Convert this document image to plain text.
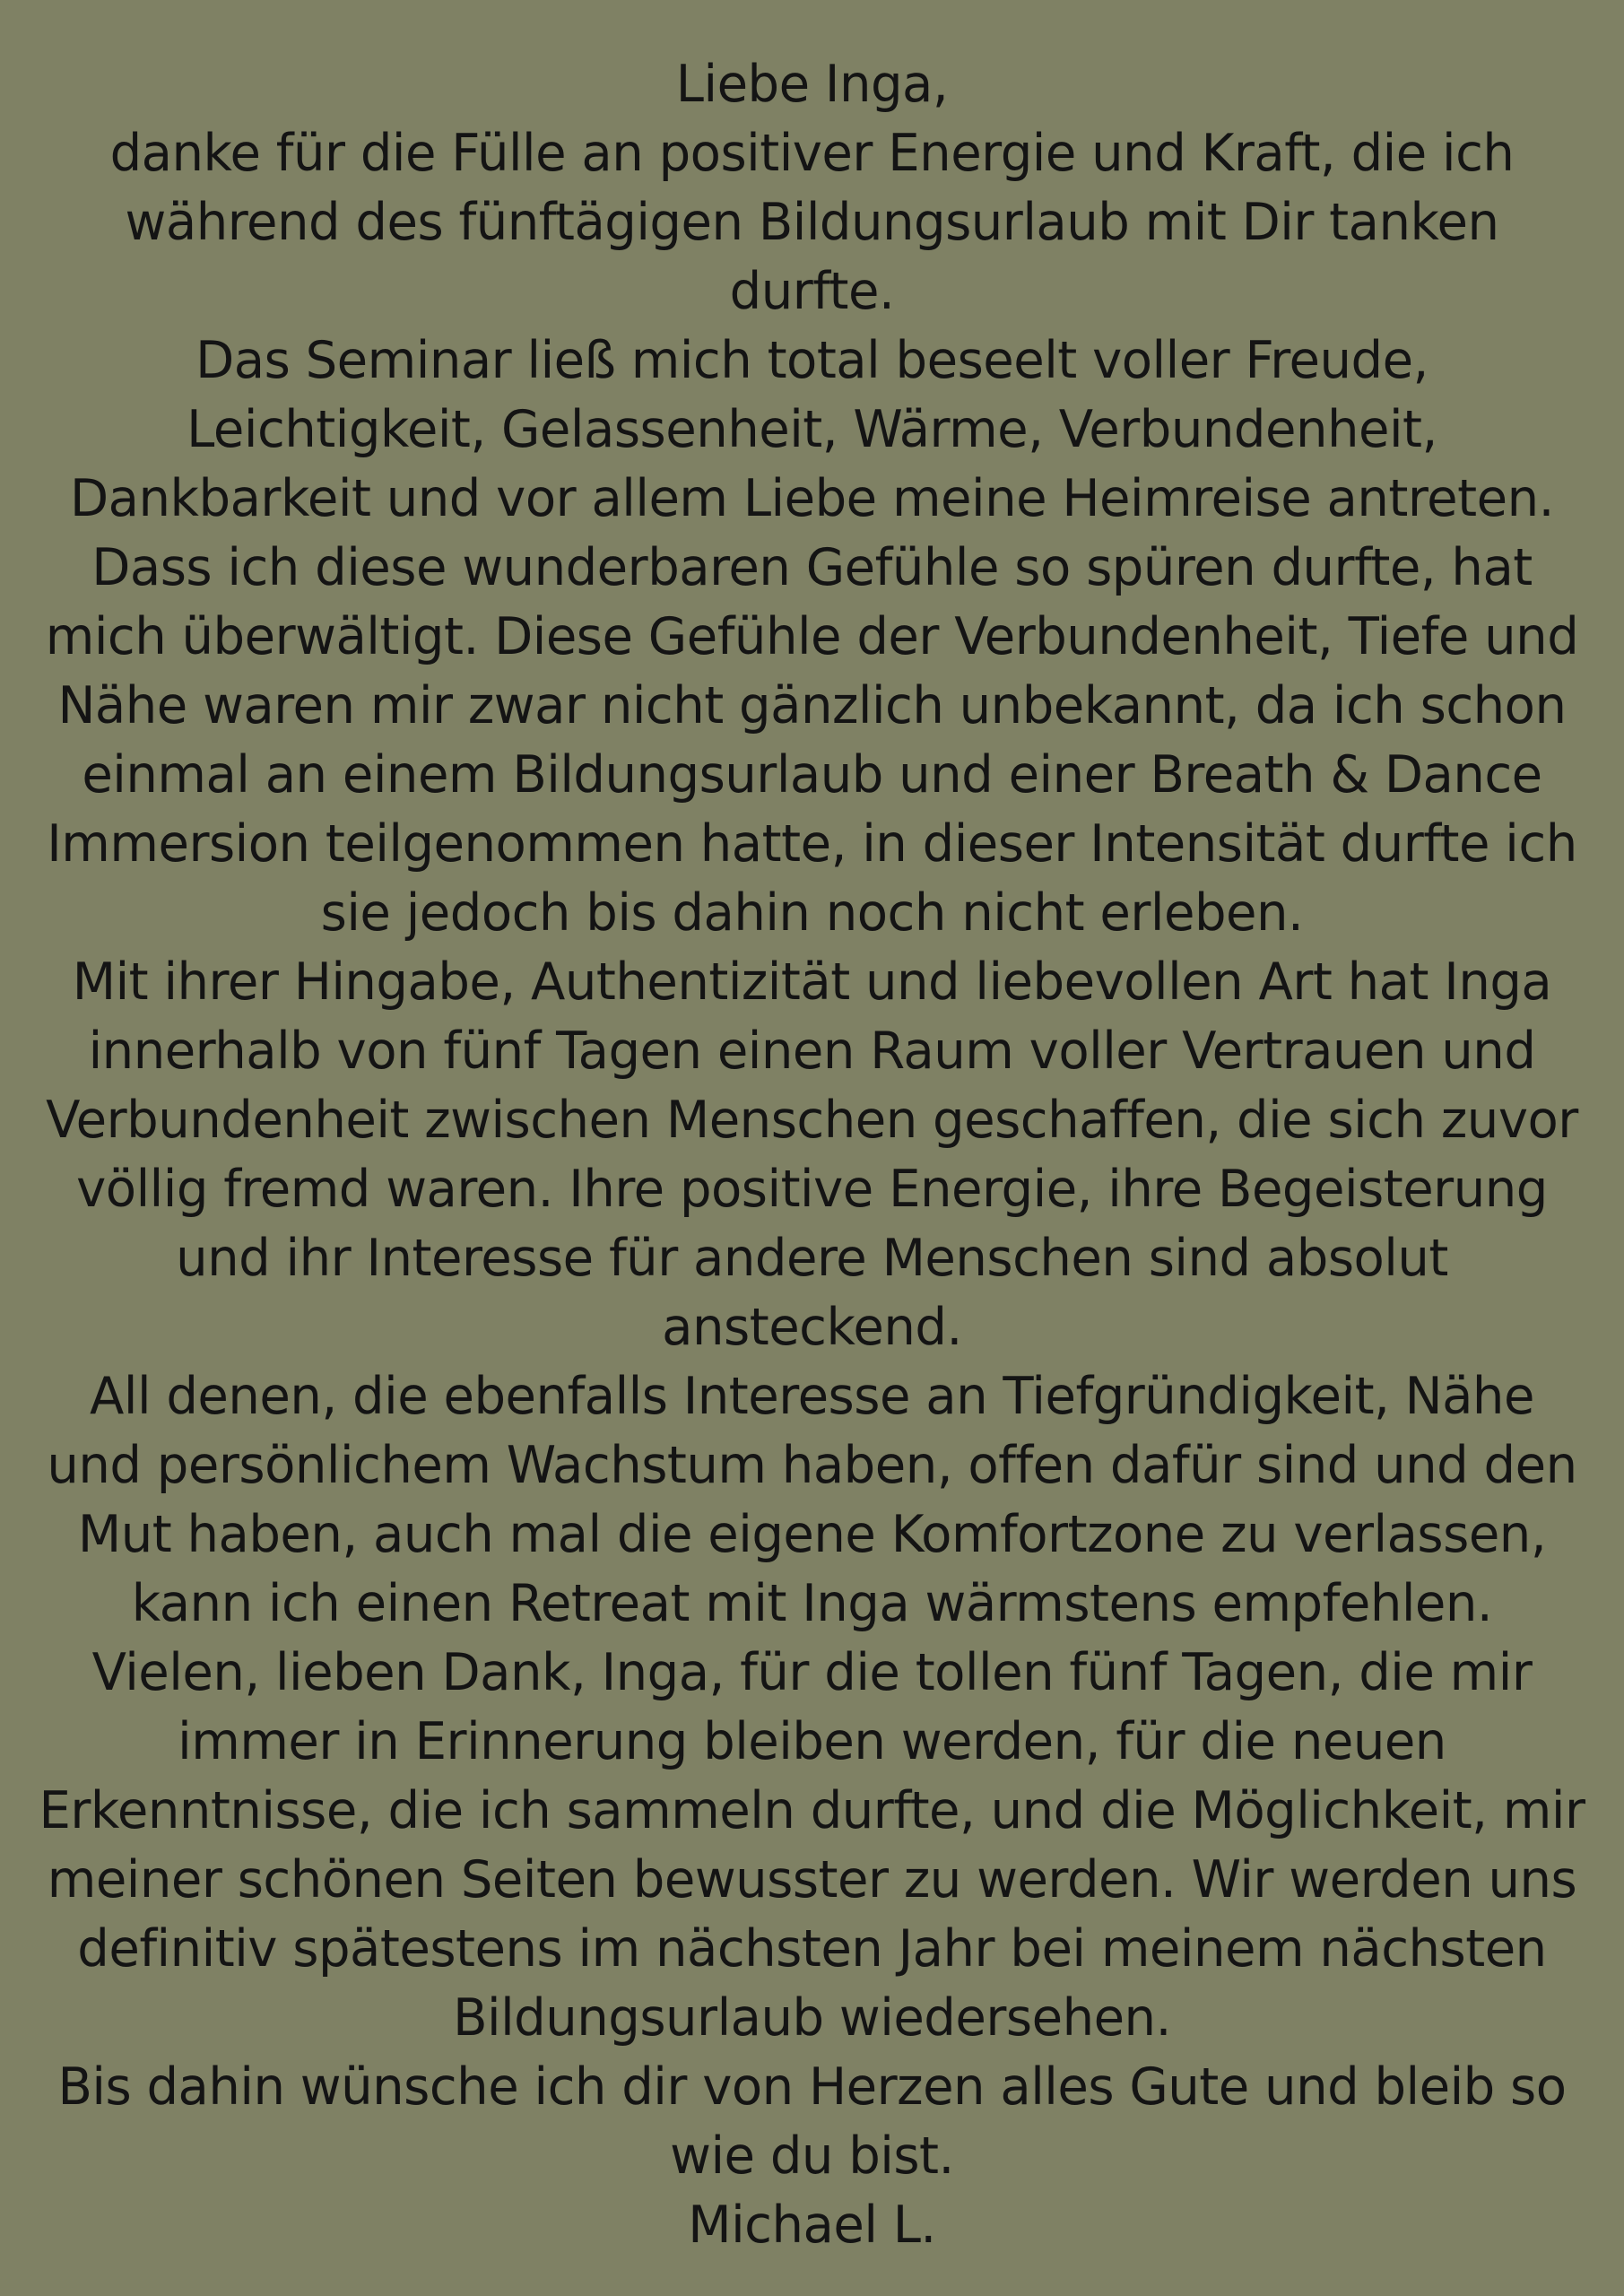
Liebe Inga,
danke für die Fülle an positiver Energie und Kraft, die ich
während des fünftägigen Bildungsurlaub mit Dir tanken
durfte.
Das Seminar ließ mich total beseelt voller Freude,
Leichtigkeit, Gelassenheit, Wärme, Verbundenheit,
Dankbarkeit und vor allem Liebe meine Heimreise antreten.
Dass ich diese wunderbaren Gefühle so spüren durfte, hat
mich überwältigt. Diese Gefühle der Verbundenheit, Tiefe und
Nähe waren mir zwar nicht gänzlich unbekannt, da ich schon
einmal an einem Bildungsurlaub und einer Breath & Dance
Immersion teilgenommen hatte, in dieser Intensität durfte ich
sie jedoch bis dahin noch nicht erleben.
Mit ihrer Hingabe, Authentizität und liebevollen Art hat Inga
innerhalb von fünf Tagen einen Raum voller Vertrauen und
Verbundenheit zwischen Menschen geschaffen, die sich zuvor
völlig fremd waren. Ihre positive Energie, ihre Begeisterung
und ihr Interesse für andere Menschen sind absolut
ansteckend.
All denen, die ebenfalls Interesse an Tiefgründigkeit, Nähe
und persönlichem Wachstum haben, offen dafür sind und den
Mut haben, auch mal die eigene Komfortzone zu verlassen,
kann ich einen Retreat mit Inga wärmstens empfehlen.
Vielen, lieben Dank, Inga, für die tollen fünf Tagen, die mir
immer in Erinnerung bleiben werden, für die neuen
Erkenntnisse, die ich sammeln durfte, und die Möglichkeit, mir
meiner schönen Seiten bewusster zu werden. Wir werden uns
definitiv spätestens im nächsten Jahr bei meinem nächsten
Bildungsurlaub wiedersehen.
Bis dahin wünsche ich dir von Herzen alles Gute und bleib so
wie du bist.
Michael L.
